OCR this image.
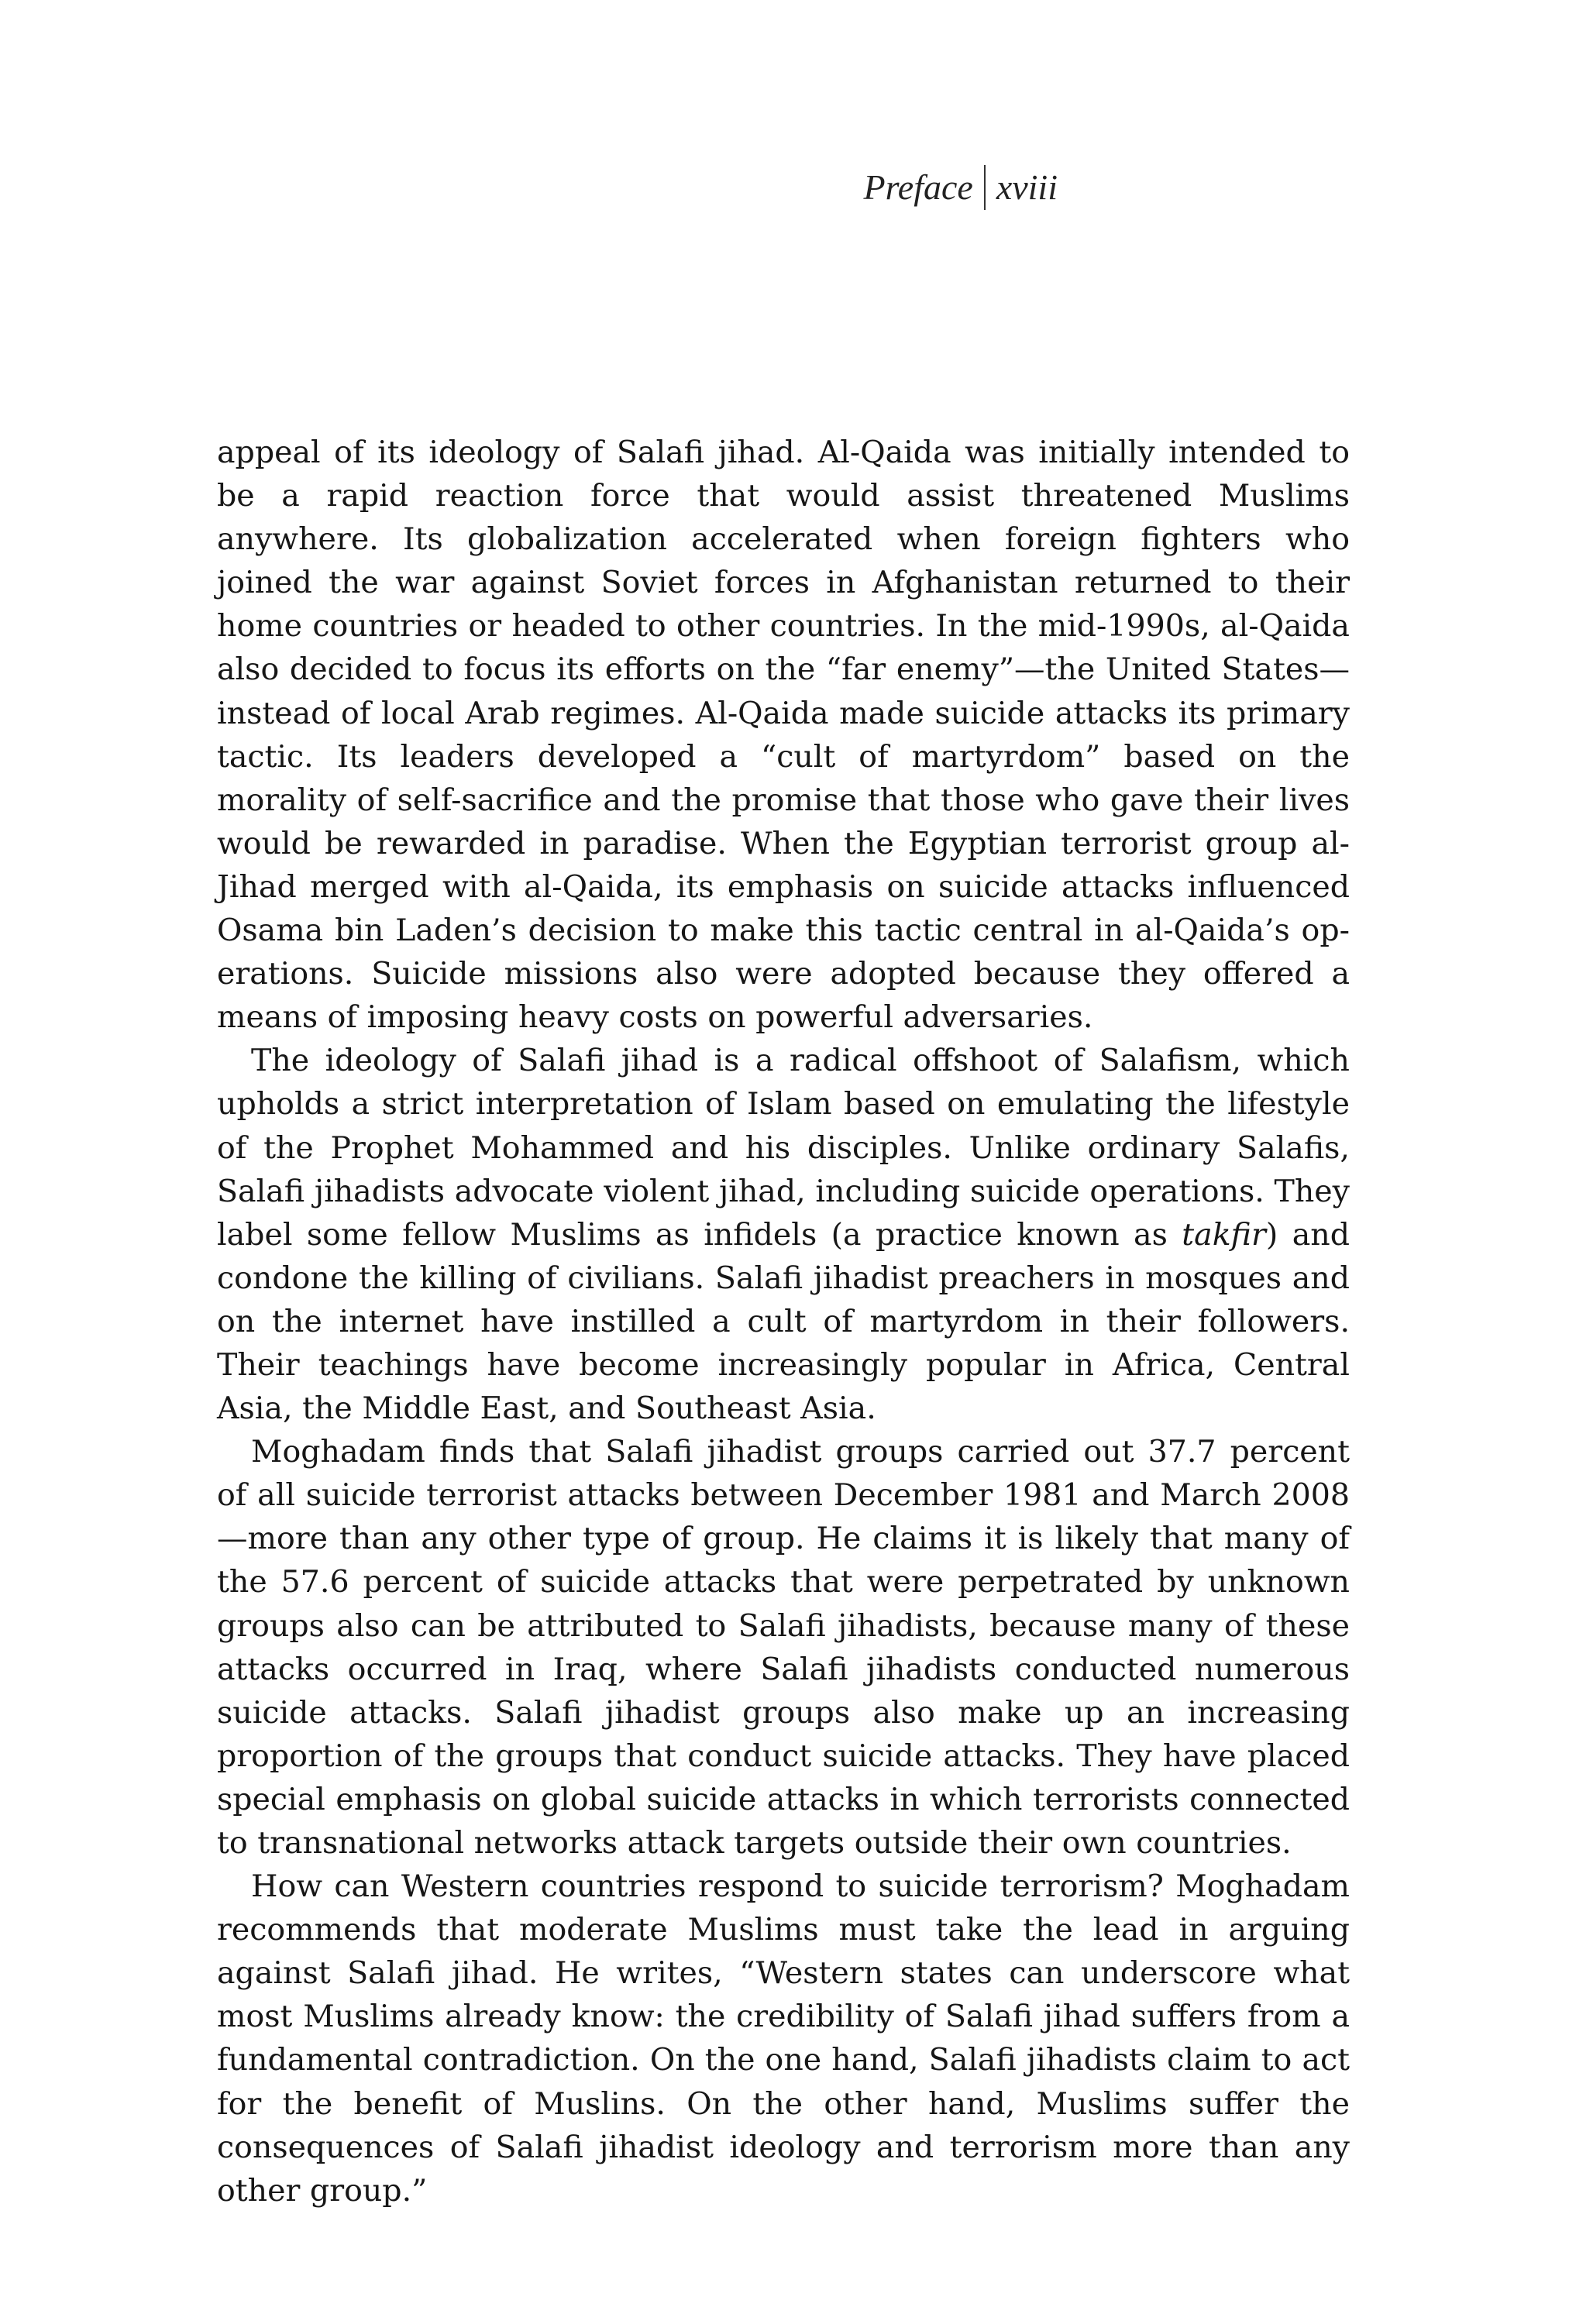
Preface xviii

appeal of its ideology of Salafi jihad. Al-Qaida was initially intended to be a rapid reaction force that would assist threatened Muslims anywhere. Its globalization accelerated when foreign fighters who joined the war against Soviet forces in Afghanistan returned to their home countries or headed to other countries. In the mid-1990s, al-Qaida also decided to focus its efforts on the “far enemy”—the United States—instead of local Arab regimes. Al-Qaida made suicide attacks its primary tactic. Its leaders developed a “cult of martyrdom” based on the morality of self-sacrifice and the promise that those who gave their lives would be rewarded in paradise. When the Egyptian terrorist group al-Jihad merged with al-Qaida, its emphasis on suicide attacks influenced Osama bin Laden’s decision to make this tactic central in al-Qaida’s operations. Suicide missions also were adopted because they offered a means of imposing heavy costs on powerful adversaries.

The ideology of Salafi jihad is a radical offshoot of Salafism, which upholds a strict interpretation of Islam based on emulating the lifestyle of the Prophet Mohammed and his disciples. Unlike ordinary Salafis, Salafi jihadists advocate violent jihad, including suicide operations. They label some fellow Muslims as infidels (a practice known as takfir) and condone the killing of civilians. Salafi jihadist preachers in mosques and on the internet have instilled a cult of martyrdom in their followers. Their teachings have become increasingly popular in Africa, Central Asia, the Middle East, and Southeast Asia.

Moghadam finds that Salafi jihadist groups carried out 37.7 percent of all suicide terrorist attacks between December 1981 and March 2008—more than any other type of group. He claims it is likely that many of the 57.6 percent of suicide attacks that were perpetrated by unknown groups also can be attributed to Salafi jihadists, because many of these attacks occurred in Iraq, where Salafi jihadists conducted numerous suicide attacks. Salafi jihadist groups also make up an increasing proportion of the groups that conduct suicide attacks. They have placed special emphasis on global suicide attacks in which terrorists connected to transnational networks attack targets outside their own countries.

How can Western countries respond to suicide terrorism? Moghadam recommends that moderate Muslims must take the lead in arguing against Salafi jihad. He writes, “Western states can underscore what most Muslims already know: the credibility of Salafi jihad suffers from a fundamental contradiction. On the one hand, Salafi jihadists claim to act for the benefit of Muslins. On the other hand, Muslims suffer the consequences of Salafi jihadist ideology and terrorism more than any other group.”
